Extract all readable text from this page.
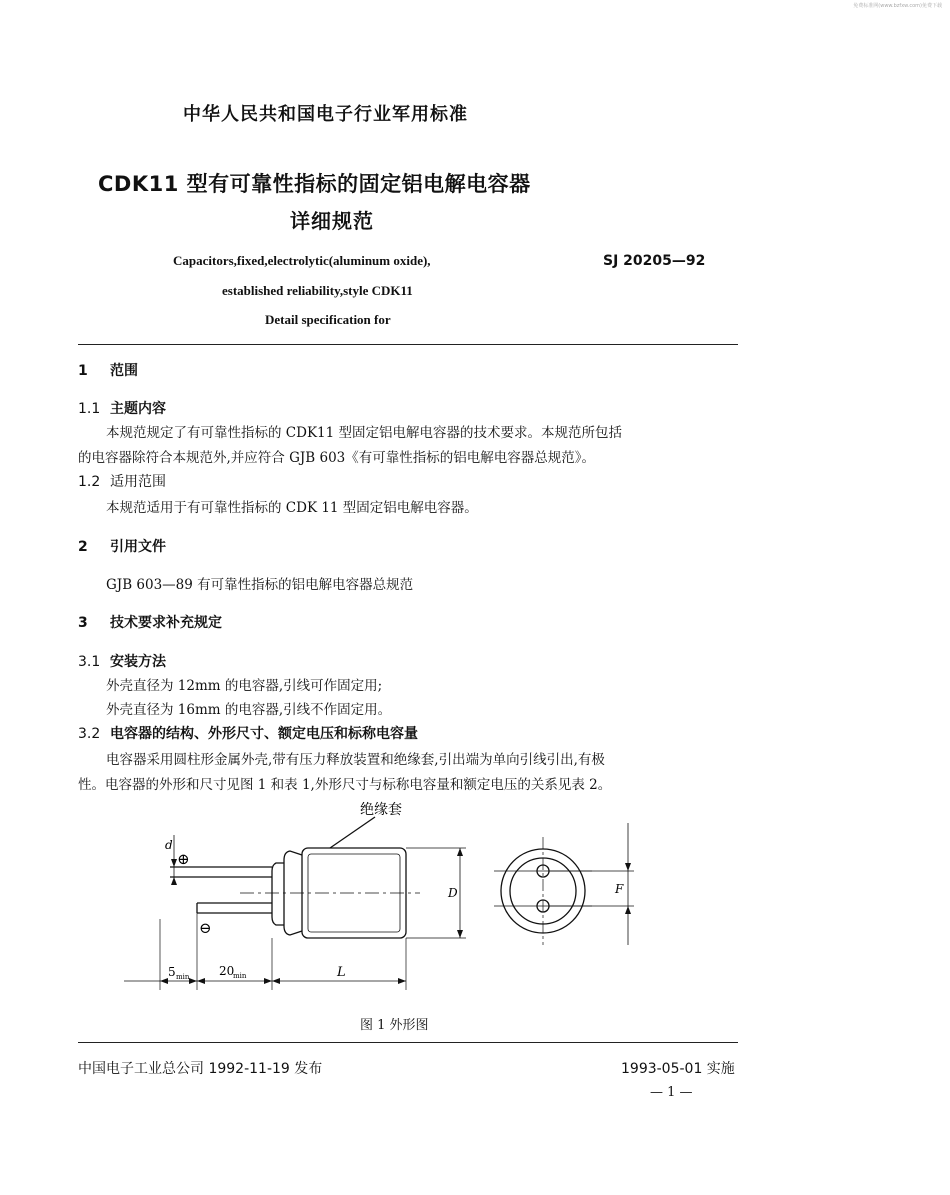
免费标准网(www.bzfxw.com)免费下载
中华人民共和国电子行业军用标准
CDK11 型有可靠性指标的固定铝电解电容器
详细规范
Capacitors,fixed,electrolytic(aluminum oxide),
established reliability,style CDK11
Detail specification for
SJ 20205—92
1 范围
1.1 主题内容
本规范规定了有可靠性指标的 CDK11 型固定铝电解电容器的技术要求。本规范所包括
的电容器除符合本规范外,并应符合 GJB 603《有可靠性指标的铝电解电容器总规范》。
1.2 适用范围
本规范适用于有可靠性指标的 CDK 11 型固定铝电解电容器。
2 引用文件
GJB 603—89 有可靠性指标的铝电解电容器总规范
3 技术要求补充规定
3.1 安装方法
外壳直径为 12mm 的电容器,引线可作固定用;
外壳直径为 16mm 的电容器,引线不作固定用。
3.2 电容器的结构、外形尺寸、额定电压和标称电容量
电容器采用圆柱形金属外壳,带有压力释放装置和绝缘套,引出端为单向引线引出,有极
性。电容器的外形和尺寸见图 1 和表 1,外形尺寸与标称电容量和额定电压的关系见表 2。
绝缘套
⊕
⊖
d
D	F
L
5 min 20
min
图 1 外形图
中国电子工业总公司 1992-11-19 发布	1993-05-01 实施
— 1 —
